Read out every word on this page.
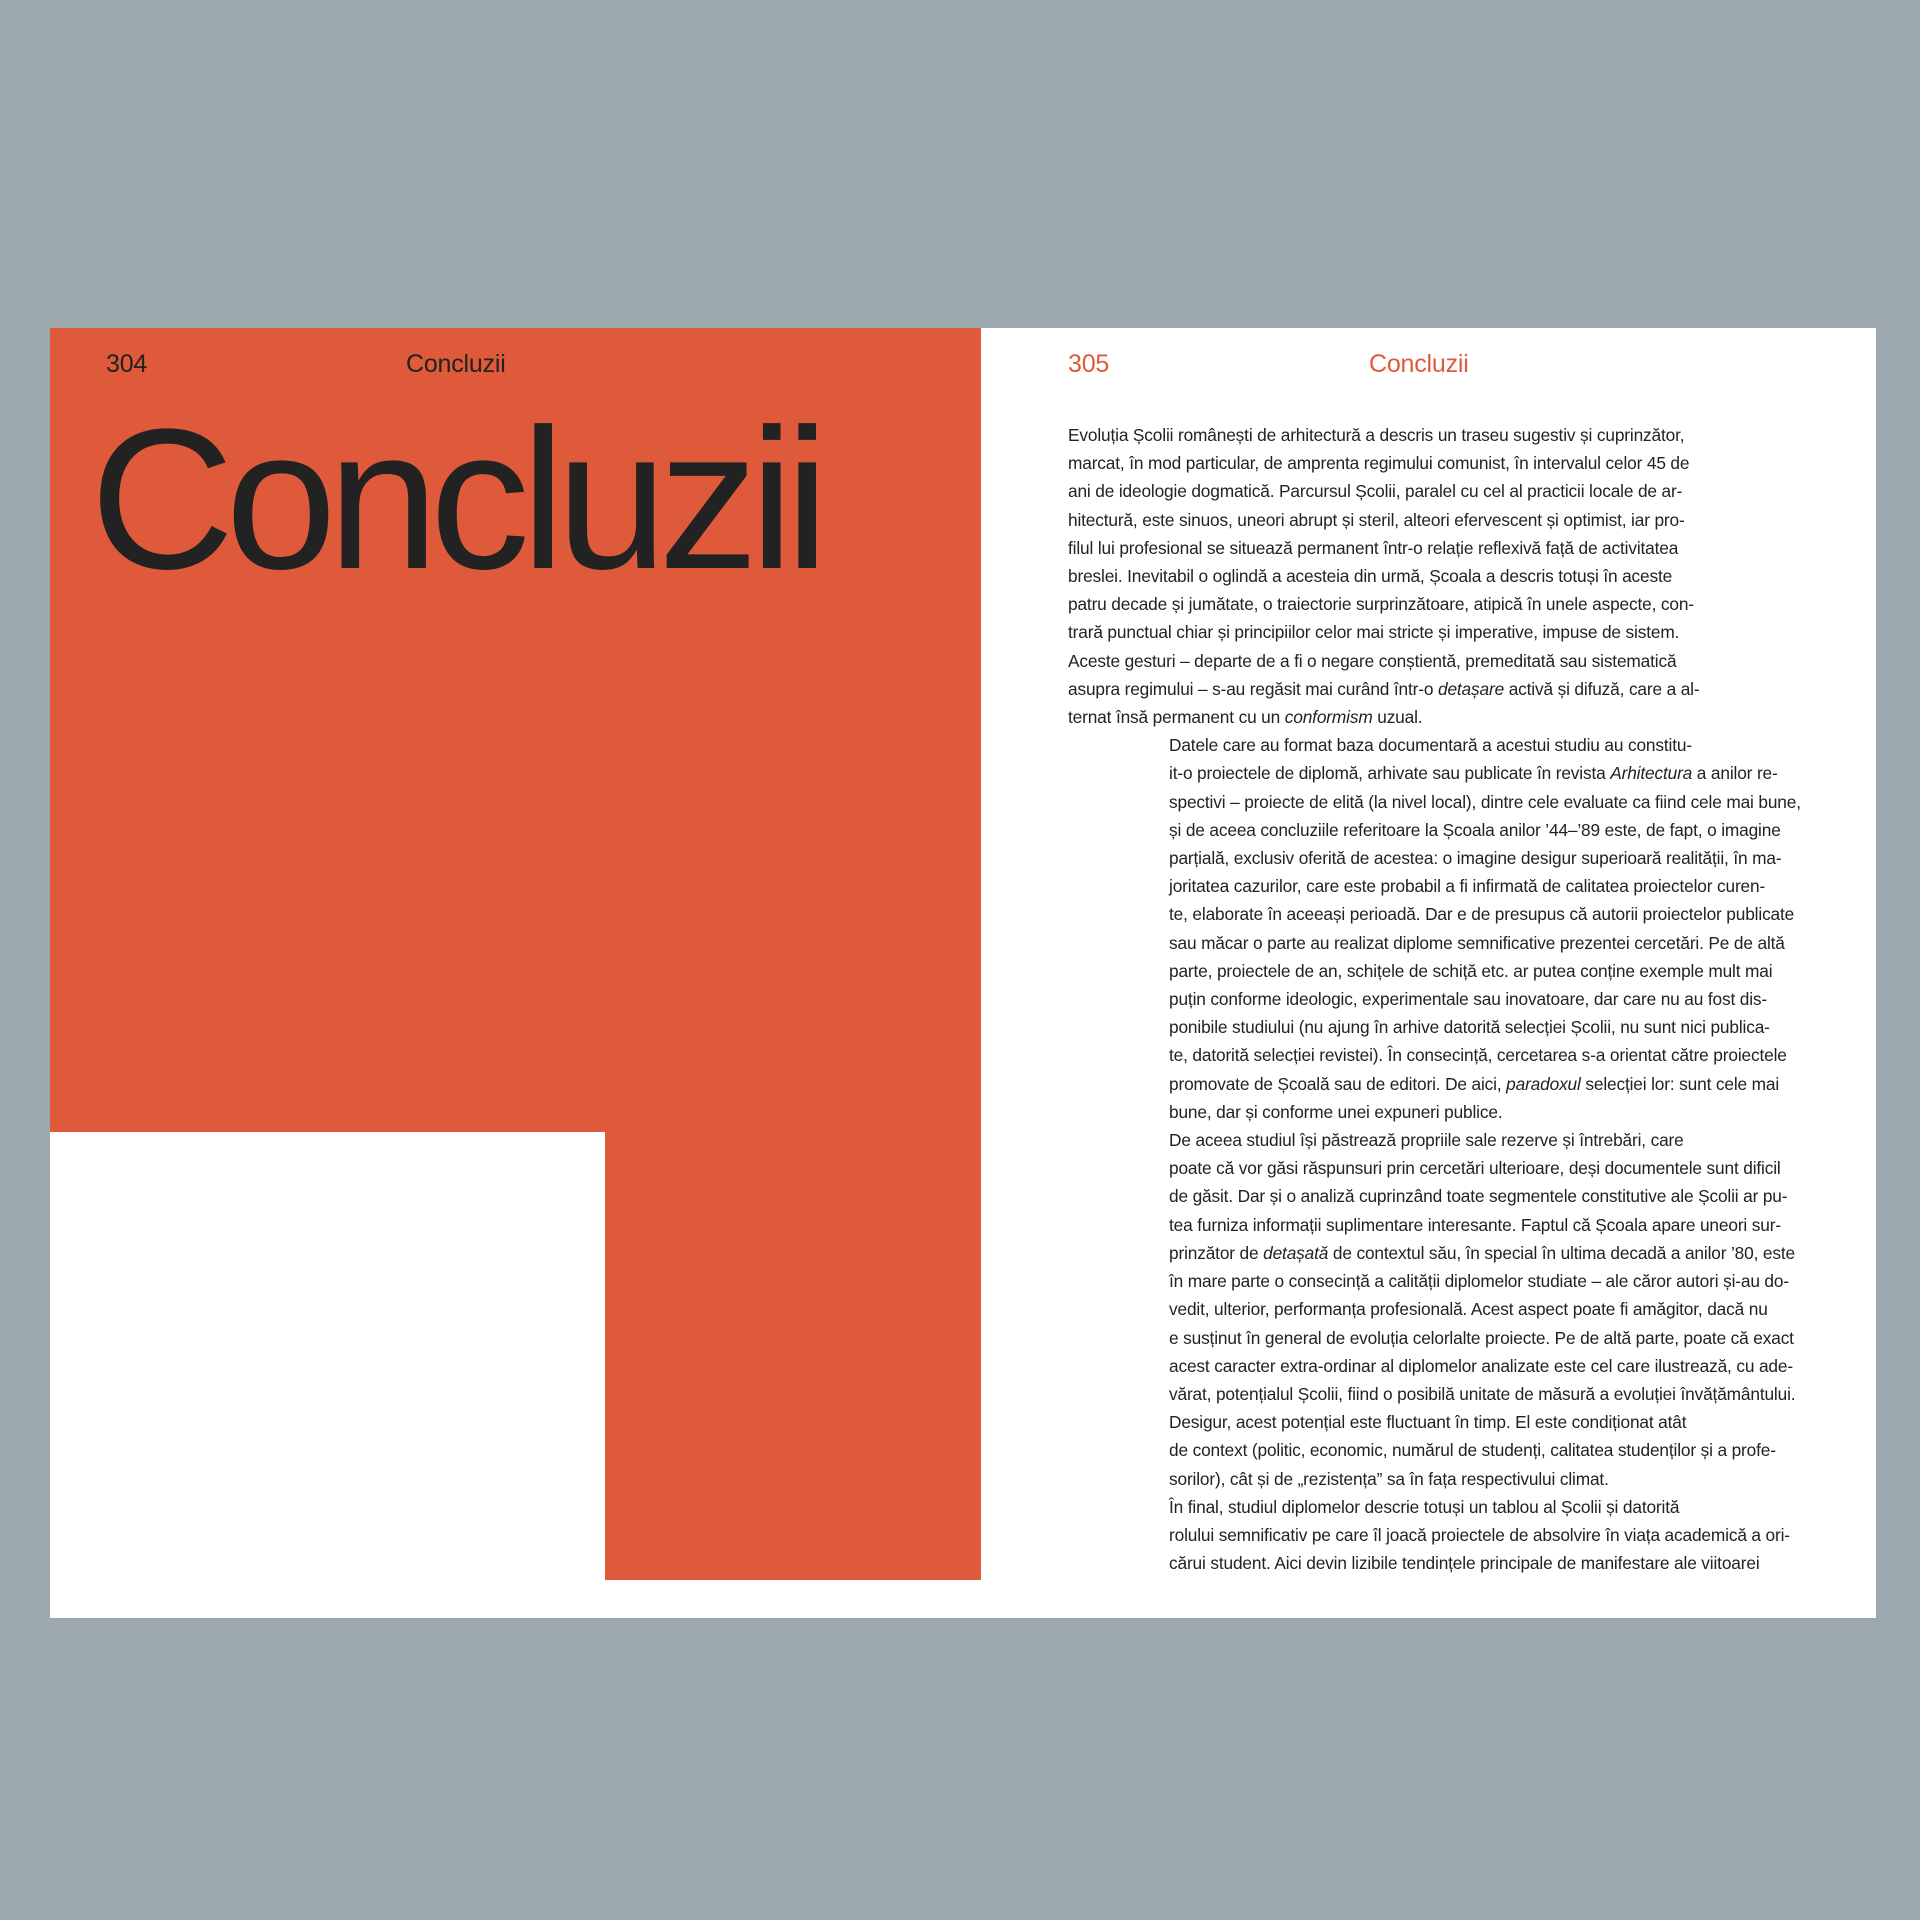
304	Concluzii
Concluzii
305	Concluzii

Evoluția Școlii românești de arhitectură a descris un traseu sugestiv și cuprinzător,
marcat, în mod particular, de amprenta regimului comunist, în intervalul celor 45 de
ani de ideologie dogmatică. Parcursul Școlii, paralel cu cel al practicii locale de ar-
hitectură, este sinuos, uneori abrupt și steril, alteori efervescent și optimist, iar pro-
filul lui profesional se situează permanent într-o relație reflexivă față de activitatea
breslei. Inevitabil o oglindă a acesteia din urmă, Școala a descris totuși în aceste
patru decade și jumătate, o traiectorie surprinzătoare, atipică în unele aspecte, con-
trară punctual chiar și principiilor celor mai stricte și imperative, impuse de sistem.
Aceste gesturi – departe de a fi o negare conștientă, premeditată sau sistematică
asupra regimului – s-au regăsit mai curând într-o detașare activă și difuză, care a al-
ternat însă permanent cu un conformism uzual.

Datele care au format baza documentară a acestui studiu au constitu-
it-o proiectele de diplomă, arhivate sau publicate în revista Arhitectura a anilor re-
spectivi – proiecte de elită (la nivel local), dintre cele evaluate ca fiind cele mai bune,
și de aceea concluziile referitoare la Școala anilor ’44–’89 este, de fapt, o imagine
parțială, exclusiv oferită de acestea: o imagine desigur superioară realității, în ma-
joritatea cazurilor, care este probabil a fi infirmată de calitatea proiectelor curen-
te, elaborate în aceeași perioadă. Dar e de presupus că autorii proiectelor publicate
sau măcar o parte au realizat diplome semnificative prezentei cercetări. Pe de altă
parte, proiectele de an, schițele de schiță etc. ar putea conține exemple mult mai
puțin conforme ideologic, experimentale sau inovatoare, dar care nu au fost dis-
ponibile studiului (nu ajung în arhive datorită selecției Școlii, nu sunt nici publica-
te, datorită selecției revistei). În consecință, cercetarea s-a orientat către proiectele
promovate de Școală sau de editori. De aici, paradoxul selecției lor: sunt cele mai
bune, dar și conforme unei expuneri publice.

De aceea studiul își păstrează propriile sale rezerve și întrebări, care
poate că vor găsi răspunsuri prin cercetări ulterioare, deși documentele sunt dificil
de găsit. Dar și o analiză cuprinzând toate segmentele constitutive ale Școlii ar pu-
tea furniza informații suplimentare interesante. Faptul că Școala apare uneori sur-
prinzător de detașată de contextul său, în special în ultima decadă a anilor ’80, este
în mare parte o consecință a calității diplomelor studiate – ale căror autori și-au do-
vedit, ulterior, performanța profesională. Acest aspect poate fi amăgitor, dacă nu
e susținut în general de evoluția celorlalte proiecte. Pe de altă parte, poate că exact
acest caracter extra-ordinar al diplomelor analizate este cel care ilustrează, cu ade-
vărat, potențialul Școlii, fiind o posibilă unitate de măsură a evoluției învățământului.

Desigur, acest potențial este fluctuant în timp. El este condiționat atât
de context (politic, economic, numărul de studenți, calitatea studenților și a profe-
sorilor), cât și de „rezistența” sa în fața respectivului climat.

În final, studiul diplomelor descrie totuși un tablou al Școlii și datorită
rolului semnificativ pe care îl joacă proiectele de absolvire în viața academică a ori-
cărui student. Aici devin lizibile tendințele principale de manifestare ale viitoarei
